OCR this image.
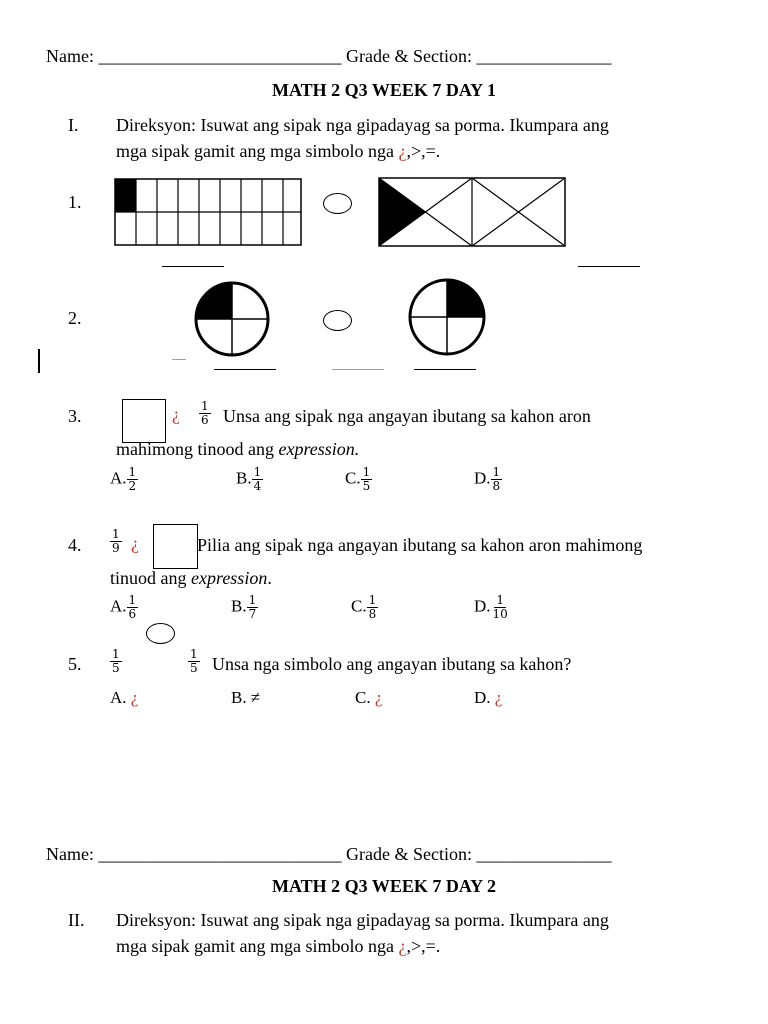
Name: ___________________________ Grade & Section: _______________
MATH 2 Q3 WEEK 7 DAY 1
I. Direksyon: Isuwat ang sipak nga gipadayag sa porma. Ikumpara ang
mga sipak gamit ang mga simbolo nga ¿,>,=.
1.
2.
3.	¿ $\frac{1}{6}$ Unsa ang sipak nga angayan ibutang sa kahon aron
mahimong tinood ang expression.
A. $\frac{1}{2}$	B. $\frac{1}{4}$	C. $\frac{1}{5}$	D. $\frac{1}{8}$
4. $\frac{1}{9}$ ¿	Pilia ang sipak nga angayan ibutang sa kahon aron mahimong
tinuod ang expression.
A. $\frac{1}{6}$	B. $\frac{1}{7}$	C. $\frac{1}{8}$	D. $\frac{1}{10}$
5. $\frac{1}{5}$	$\frac{1}{5}$ Unsa nga simbolo ang angayan ibutang sa kahon?
A. ¿	B. ≠	C. ¿	D. ¿
Name: ___________________________ Grade & Section: _______________
MATH 2 Q3 WEEK 7 DAY 2
II. Direksyon: Isuwat ang sipak nga gipadayag sa porma. Ikumpara ang
mga sipak gamit ang mga simbolo nga ¿,>,=.
